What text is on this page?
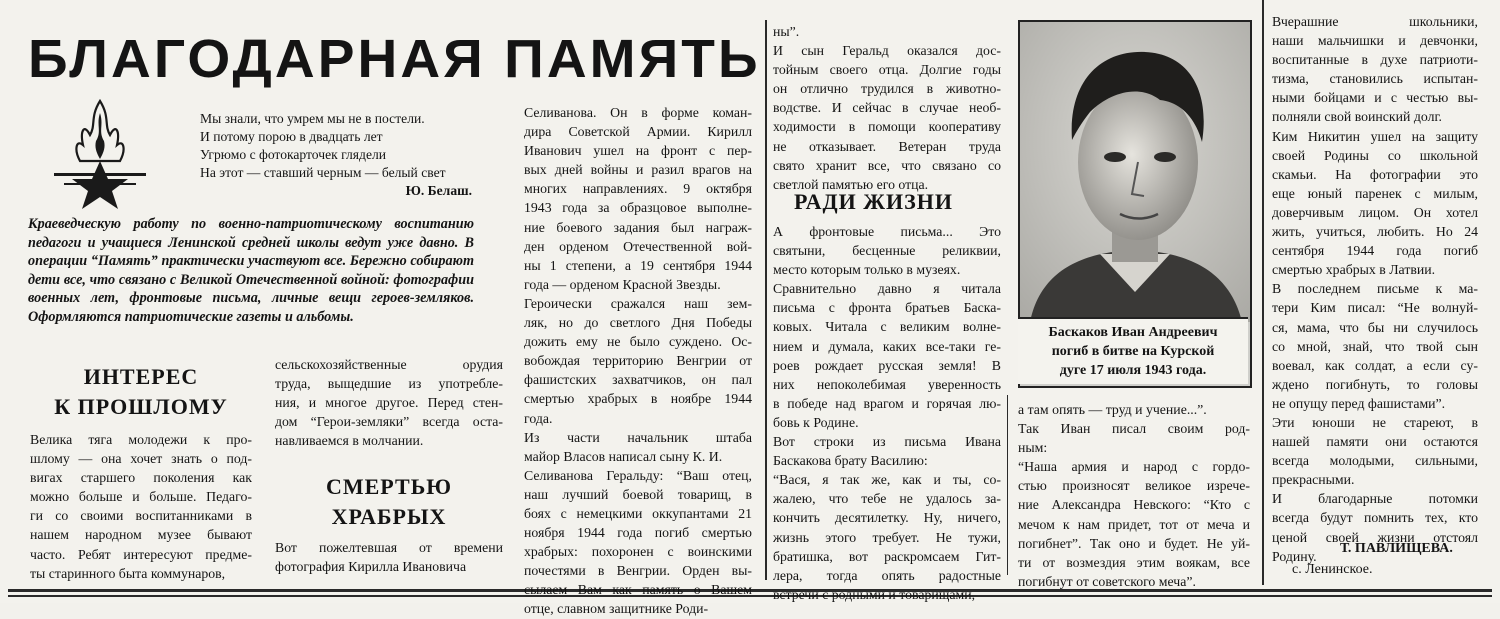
БЛАГОДАРНАЯ ПАМЯТЬ
Мы знали, что умрем мы не в постели.
И потому порою в двадцать лет
Угрюмо с фотокарточек глядели
На этот — ставший черным — белый свет
Ю. Белаш.
Краеведческую работу по военно-патриотическому воспитанию педагоги и учащиеся Ленинской средней школы ведут уже давно. В операции “Память” практически участвуют все. Бережно собирают дети все, что связано с Великой Отечественной войной: фотографии военных лет, фронтовые письма, личные вещи героев-земляков. Оформляются патриотические газеты и альбомы.
ИНТЕРЕС
К ПРОШЛОМУ
СМЕРТЬЮ
ХРАБРЫХ
РАДИ ЖИЗНИ
Велика тяга молодежи к про-
шлому — она хочет знать о под-
вигах старшего поколения как
можно больше и больше. Педаго-
ги со своими воспитанниками в
нашем народном музее бывают
часто. Ребят интересуют предме-
ты старинного быта коммунаров,
сельскохозяйственные орудия
труда, выщедшие из употребле-
ния, и многое другое. Перед стен-
дом “Герои-земляки” всегда оста-
навливаемся в молчании.
Вот пожелтевшая от времени
фотография Кирилла Ивановича
Селиванова. Он в форме коман-
дира Советской Армии. Кирилл
Иванович ушел на фронт с пер-
вых дней войны и разил врагов на
многих направлениях. 9 октября
1943 года за образцовое выполне-
ние боевого задания был награж-
ден орденом Отечественной вой-
ны 1 степени, а 19 сентября 1944
года — орденом Красной Звезды.
Героически сражался наш зем-
ляк, но до светлого Дня Победы
дожить ему не было суждено. Ос-
вобождая территорию Венгрии от
фашистских захватчиков, он пал
смертью храбрых в ноябре 1944
года.
Из части начальник штаба
майор Власов написал сыну К. И.
Селиванова Геральду: “Ваш отец,
наш лучший боевой товарищ, в
боях с немецкими оккупантами 21
ноября 1944 года погиб смертью
храбрых: похоронен с воинскими
почестями в Венгрии. Орден вы-
сылаем Вам как память о Вашем
отце, славном защитнике Роди-
ны”.
И сын Геральд оказался дос-
тойным своего отца. Долгие годы
он отлично трудился в животно-
водстве. И сейчас в случае необ-
ходимости в помощи кооперативу
не отказывает. Ветеран труда
свято хранит все, что связано со
светлой памятью его отца.
А фронтовые письма... Это
святыни, бесценные реликвии,
место которым только в музеях.
Сравнительно давно я читала
письма с фронта братьев Баска-
ковых. Читала с великим волне-
нием и думала, каких все-таки ге-
роев рождает русская земля! В
них непоколебимая уверенность
в победе над врагом и горячая лю-
бовь к Родине.
Вот строки из письма Ивана
Баскакова брату Василию:
“Вася, я так же, как и ты, со-
жалею, что тебе не удалось за-
кончить десятилетку. Ну, ничего,
жизнь этого требует. Не тужи,
братишка, вот раскромсаем Гит-
лера, тогда опять радостные
встречи с родными и товарищами,
Баскаков Иван Андреевич
погиб в битве на Курской
дуге 17 июля 1943 года.
а там опять — труд и учение...”.
Так Иван писал своим род-
ным:
“Наша армия и народ с гордо-
стью произносят великое изрече-
ние Александра Невского: “Кто с
мечом к нам придет, тот от меча и
погибнет”. Так оно и будет. Не уй-
ти от возмездия этим воякам, все
погибнут от советского меча”.
Вчерашние школьники,
наши мальчишки и девчонки,
воспитанные в духе патриоти-
тизма, становились испытан-
ными бойцами и с честью вы-
полняли свой воинский долг.
Ким Никитин ушел на защиту
своей Родины со школьной
скамьи. На фотографии это
еще юный паренек с милым,
доверчивым лицом. Он хотел
жить, учиться, любить. Но 24
сентября 1944 года погиб
смертью храбрых в Латвии.
В последнем письме к ма-
тери Ким писал: “Не волнуй-
ся, мама, что бы ни случилось
со мной, знай, что твой сын
воевал, как солдат, а если су-
ждено погибнуть, то головы
не опущу перед фашистами”.
Эти юноши не стареют, в
нашей памяти они остаются
всегда молодыми, сильными,
прекрасными.
И благодарные потомки
всегда будут помнить тех, кто
ценой своей жизни отстоял
Родину.
Т. ПАВЛИЩЕВА.
с. Ленинское.
